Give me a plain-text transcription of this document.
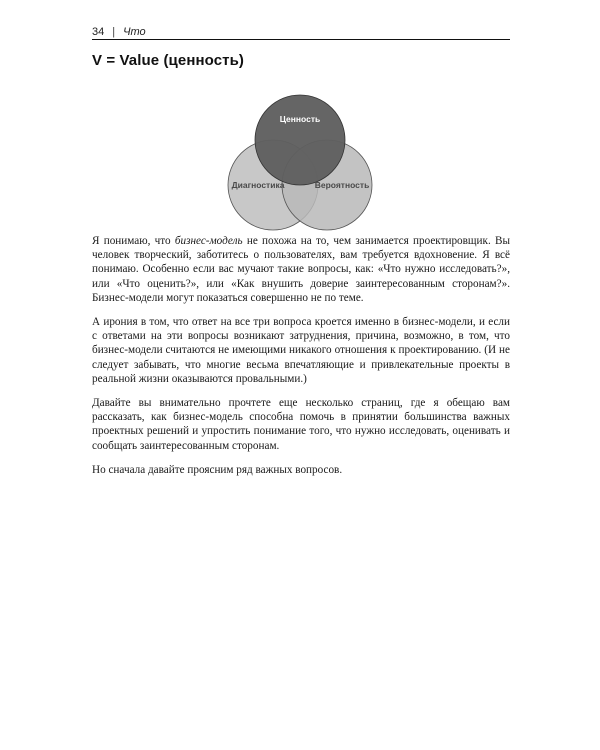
34 | Что
V = Value (ценность)
Ценность
Диагностика	Вероятность

Я понимаю, что бизнес-модель не похожа на то, чем занимается проектировщик. Вы человек творческий, заботитесь о пользователях, вам требуется вдохновение. Я всё понимаю. Особенно если вас мучают такие вопросы, как: «Что нужно исследовать?», или «Что оценить?», или «Как внушить доверие заинтересованным сторонам?». Бизнес-модели могут показаться совершенно не по теме.

А ирония в том, что ответ на все три вопроса кроется именно в бизнес-модели, и если с ответами на эти вопросы возникают затруднения, причина, возможно, в том, что бизнес-модели считаются не имеющими никакого отношения к проектированию. (И не следует забывать, что многие весьма впечатляющие и привлекательные проекты в реальной жизни оказываются провальными.)

Давайте вы внимательно прочтете еще несколько страниц, где я обещаю вам рассказать, как бизнес-модель способна помочь в принятии большинства важных проектных решений и упростить понимание того, что нужно исследовать, оценивать и сообщать заинтересованным сторонам.

Но сначала давайте проясним ряд важных вопросов.
